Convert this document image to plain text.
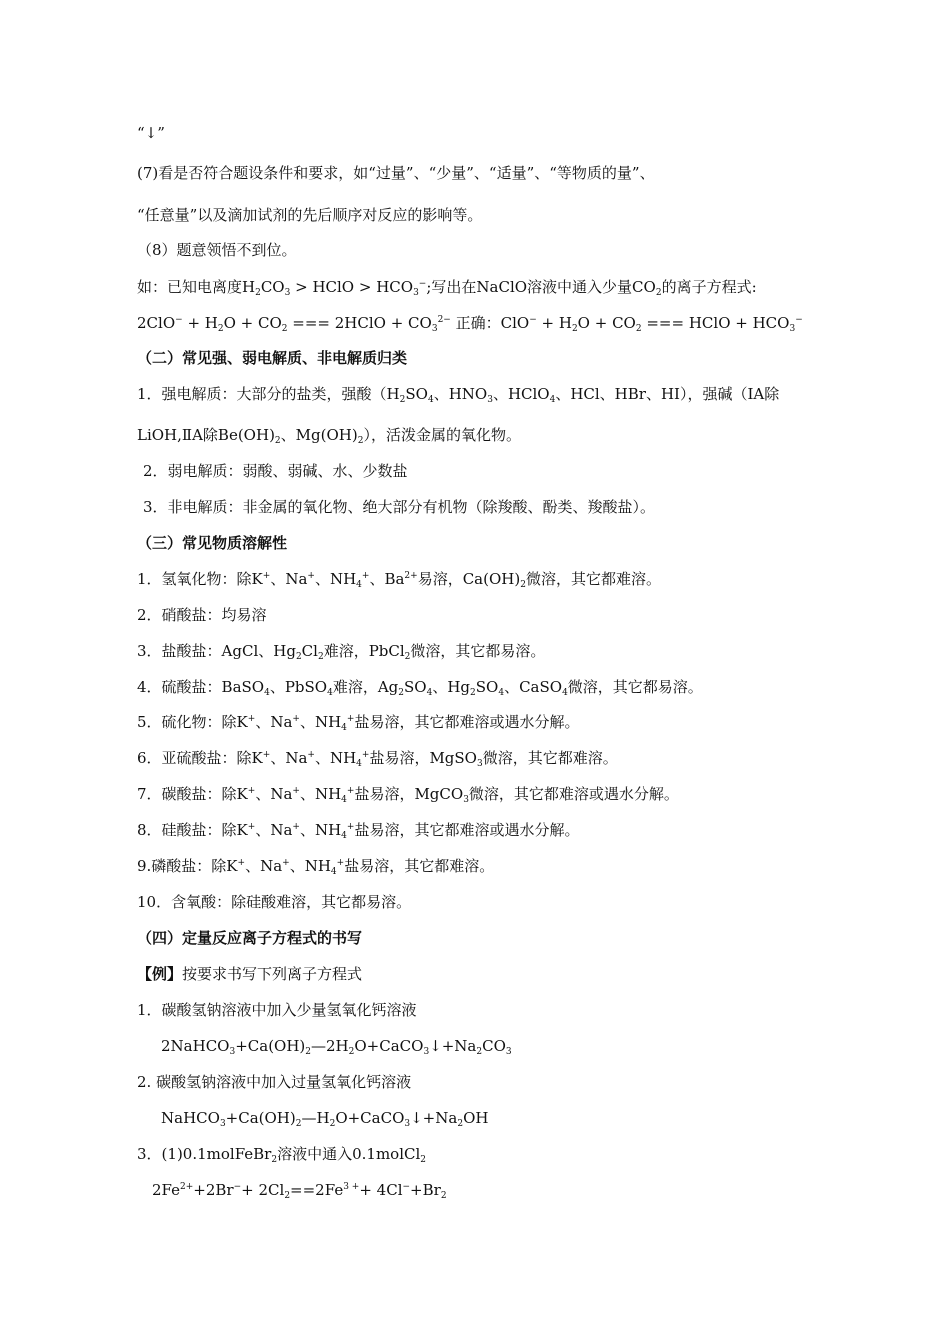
“↓”
(7)看是否符合题设条件和要求，如“过量”、“少量”、“适量”、“等物质的量”、
“任意量”以及滴加试剂的先后顺序对反应的影响等。
（8）题意领悟不到位。
如：已知电离度$H_2CO_3$ > HClO > $HCO_3^-$;写出在NaClO溶液中通入少量$CO_2$的离子方程式:
$2ClO^- + H_2O + CO_2$ === 2HClO + $CO_3^{2-}$ 正确：$ClO^- + H_2O + CO_2$ === HClO + $HCO_3^-$
（二）常见强、弱电解质、非电解质归类
1．强电解质：大部分的盐类，强酸（$H_2SO_4$、$HNO_3$、HClO$_4$、HCl、HBr、HI），强碱（ⅠA除
LiOH,ⅡA除$Be(OH)_2$、$Mg(OH)_2$），活泼金属的氧化物。
2．弱电解质：弱酸、弱碱、水、少数盐
3．非电解质：非金属的氧化物、绝大部分有机物（除羧酸、酚类、羧酸盐）。
（三）常见物质溶解性
1．氢氧化物：除K+、Na+、$NH_4^+$、$Ba^{2+}$易溶，$Ca(OH)_2$微溶，其它都难溶。
2．硝酸盐：均易溶
3．盐酸盐：AgCl、$Hg_2Cl_2$难溶，PbCl$_2$微溶，其它都易溶。
4．硫酸盐：BaSO$_4$、PbSO$_4$难溶，$Ag_2SO_4$、$Hg_2SO_4$、CaSO$_4$微溶，其它都易溶。
5．硫化物：除K+、Na+、$NH_4^+$盐易溶，其它都难溶或遇水分解。
6．亚硫酸盐：除K+、Na+、$NH_4^+$盐易溶，MgSO$_3$微溶，其它都难溶。
7．碳酸盐：除K+、Na+、$NH_4^+$盐易溶，MgCO$_3$微溶，其它都难溶或遇水分解。
8．硅酸盐：除K+、Na+、$NH_4^+$盐易溶，其它都难溶或遇水分解。
9.磷酸盐：除K+、Na+、$NH_4^+$盐易溶，其它都难溶。
10．含氧酸：除硅酸难溶，其它都易溶。
（四）定量反应离子方程式的书写
【例】按要求书写下列离子方程式
1．碳酸氢钠溶液中加入少量氢氧化钙溶液
$2NaHCO_3+Ca(OH)_2—2H_2O+CaCO_3↓+Na_2CO_3$
2. 碳酸氢钠溶液中加入过量氢氧化钙溶液
$NaHCO_3+Ca(OH)_2—H_2O+CaCO_3↓+Na_2OH$
3．(1)0.1molFeBr$_2$溶液中通入0.1molCl$_2$
$2Fe^{2+}+2Br^-+ 2Cl_2==2Fe^{3 +}+ 4Cl^-+Br_2$
